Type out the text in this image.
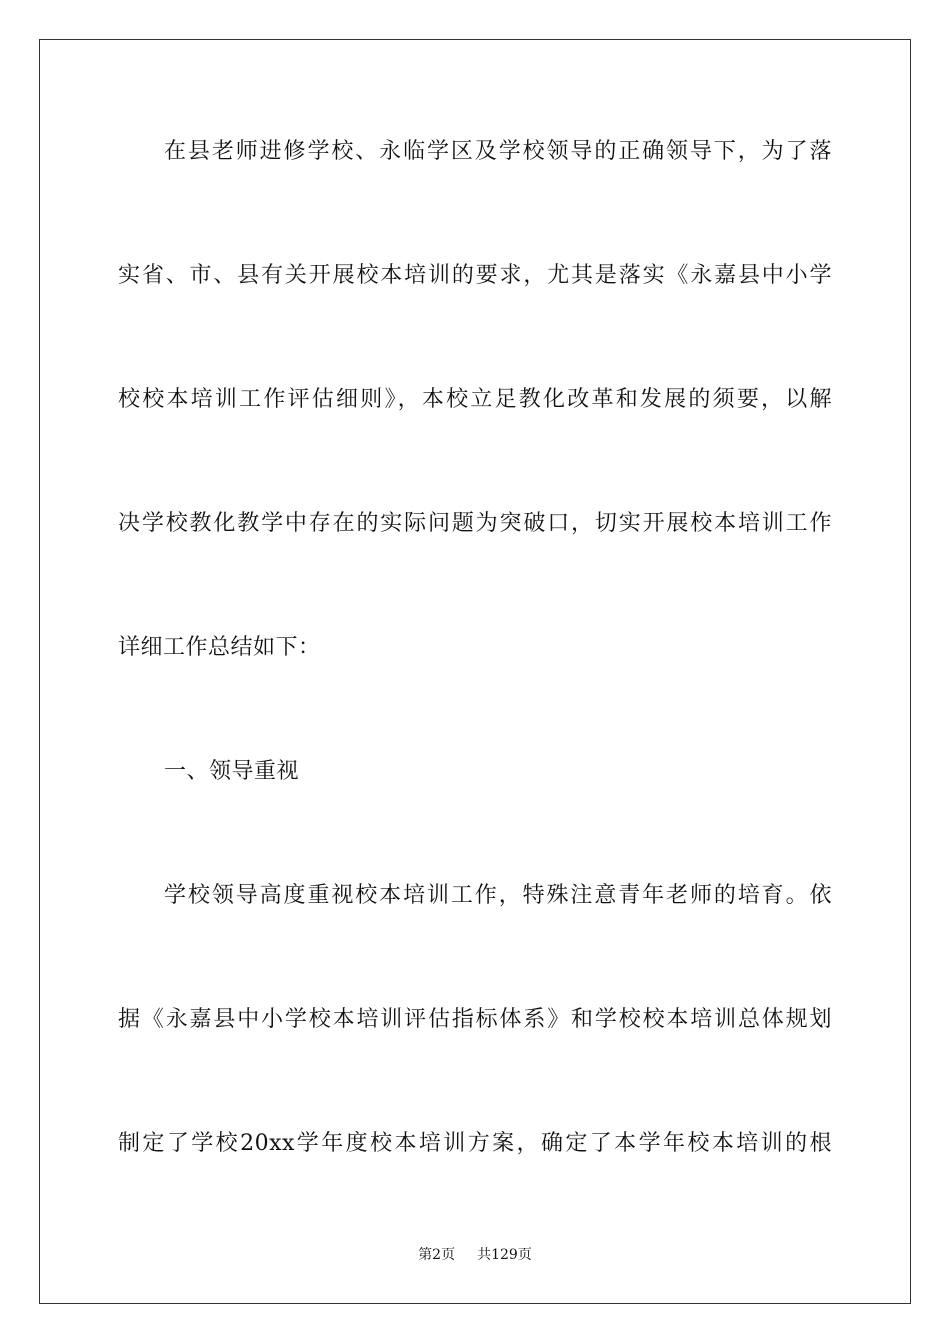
在县老师进修学校、永临学区及学校领导的正确领导下，为了落
实省、市、县有关开展校本培训的要求，尤其是落实《永嘉县中小学
校校本培训工作评估细则》，本校立足教化改革和发展的须要，以解
决学校教化教学中存在的实际问题为突破口，切实开展校本培训工作
详细工作总结如下：
一、领导重视
学校领导高度重视校本培训工作，特殊注意青年老师的培育。依
据《永嘉县中小学校本培训评估指标体系》和学校校本培训总体规划
制定了学校20xx学年度校本培训方案，确定了本学年校本培训的根
第2页 共129页
